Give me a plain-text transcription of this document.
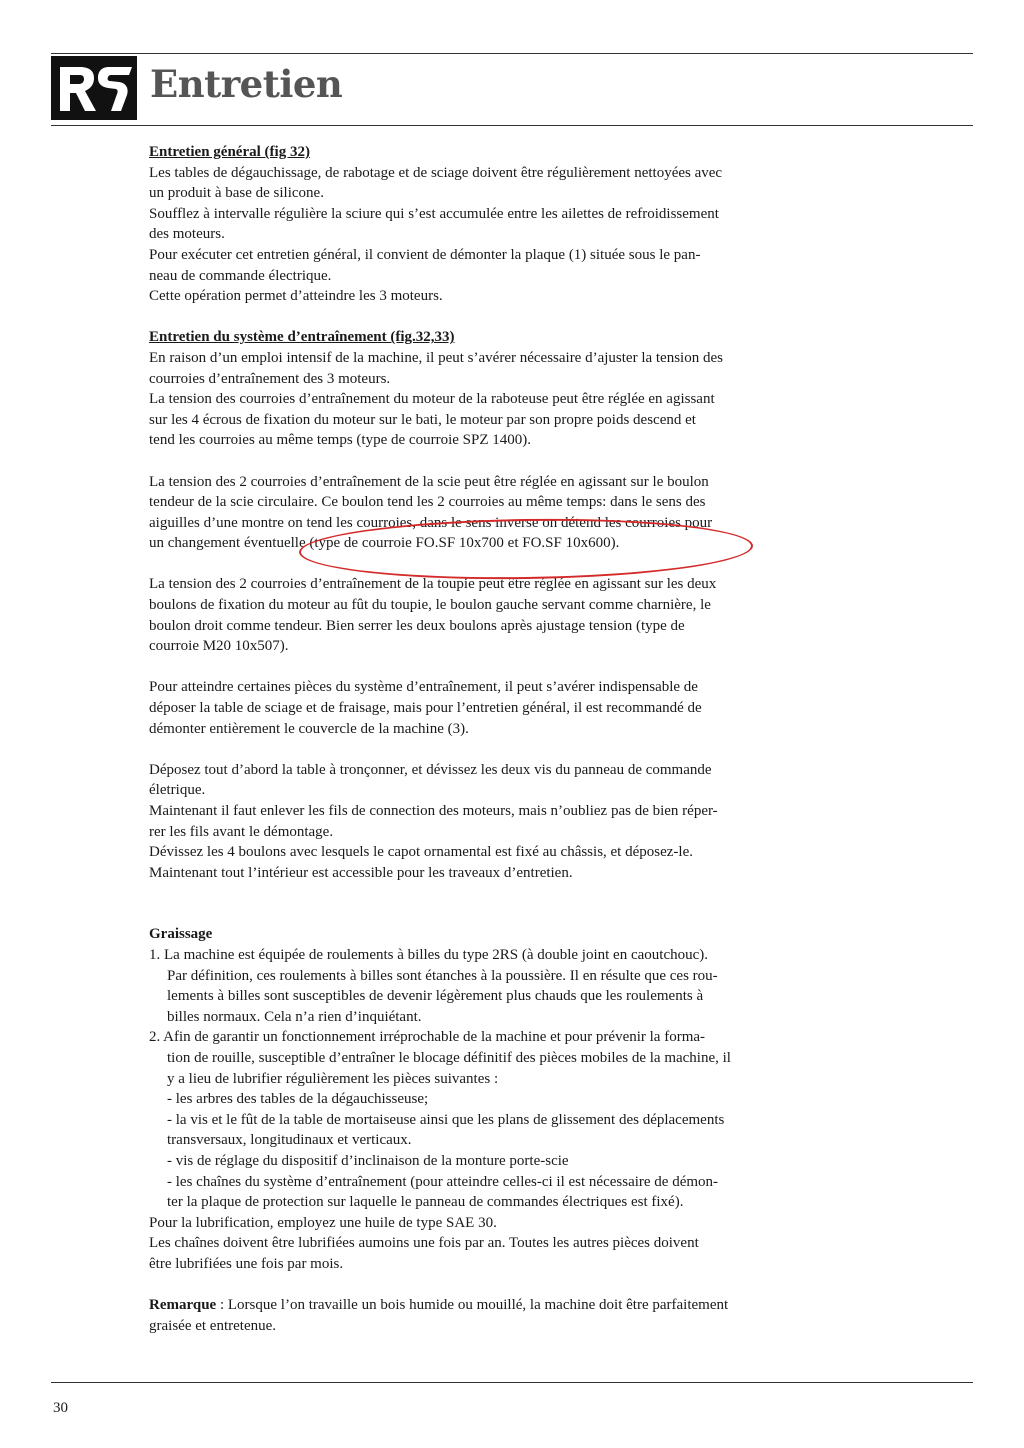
Entretien

Entretien général (fig 32)

Les tables de dégauchissage, de rabotage et de sciage doivent être régulièrement nettoyées avec

un produit à base de silicone.

Soufflez à intervalle régulière la sciure qui s’est accumulée entre les ailettes de refroidissement

des moteurs.

Pour exécuter cet entretien général, il convient de démonter la plaque (1) située sous le pan-

neau de commande électrique.

Cette opération permet d’atteindre les 3 moteurs.

Entretien du système d’entraînement (fig.32,33)

En raison d’un emploi intensif de la machine, il peut s’avérer nécessaire d’ajuster la tension des

courroies d’entraînement des 3 moteurs.

La tension des courroies d’entraînement du moteur de la raboteuse peut être réglée en agissant

sur les 4 écrous de fixation du moteur sur le bati, le moteur par son propre poids descend et

tend les courroies au même temps (type de courroie SPZ 1400).

La tension des 2 courroies d’entraînement de la scie peut être réglée en agissant sur le boulon

tendeur de la scie circulaire. Ce boulon tend les 2 courroies au même temps: dans le sens des

aiguilles d’une montre on tend les courroies, dans le sens inverse on détend les courroies pour

un changement éventuelle (type de courroie FO.SF 10x700 et FO.SF 10x600).

La tension des 2 courroies d’entraînement de la toupie peut être réglée en agissant sur les deux

boulons de fixation du moteur au fût du toupie, le boulon gauche servant comme charnière, le

boulon droit comme tendeur. Bien serrer les deux boulons après ajustage tension (type de

courroie M20 10x507).

Pour atteindre certaines pièces du système d’entraînement, il peut s’avérer indispensable de

déposer la table de sciage et de fraisage, mais pour l’entretien général, il est recommandé de

démonter entièrement le couvercle de la machine (3).

Déposez tout d’abord la table à tronçonner, et dévissez les deux vis du panneau de commande

életrique.

Maintenant il faut enlever les fils de connection des moteurs, mais n’oubliez pas de bien réper-

rer les fils avant le démontage.

Dévissez les 4 boulons avec lesquels le capot ornamental est fixé au châssis, et déposez-le.

Maintenant tout l’intérieur est accessible pour les traveaux d’entretien.

Graissage

1. La machine est équipée de roulements à billes du type 2RS (à double joint en caoutchouc).

Par définition, ces roulements à billes sont étanches à la poussière. Il en résulte que ces rou-

lements à billes sont susceptibles de devenir légèrement plus chauds que les roulements à

billes normaux. Cela n’a rien d’inquiétant.

2. Afin de garantir un fonctionnement irréprochable de la machine et pour prévenir la forma-

tion de rouille, susceptible d’entraîner le blocage définitif des pièces mobiles de la machine, il

y a lieu de lubrifier régulièrement les pièces suivantes :

- les arbres des tables de la dégauchisseuse;

- la vis et le fût de la table de mortaiseuse ainsi que les plans de glissement des déplacements

transversaux, longitudinaux et verticaux.

- vis de réglage du dispositif d’inclinaison de la monture porte-scie

- les chaînes du système d’entraînement (pour atteindre celles-ci il est nécessaire de démon-

ter la plaque de protection sur laquelle le panneau de commandes électriques est fixé).

Pour la lubrification, employez une huile de type SAE 30.

Les chaînes doivent être lubrifiées aumoins une fois par an. Toutes les autres pièces doivent

être lubrifiées une fois par mois.

Remarque : Lorsque l’on travaille un bois humide ou mouillé, la machine doit être parfaitement

graisée et entretenue.

30
